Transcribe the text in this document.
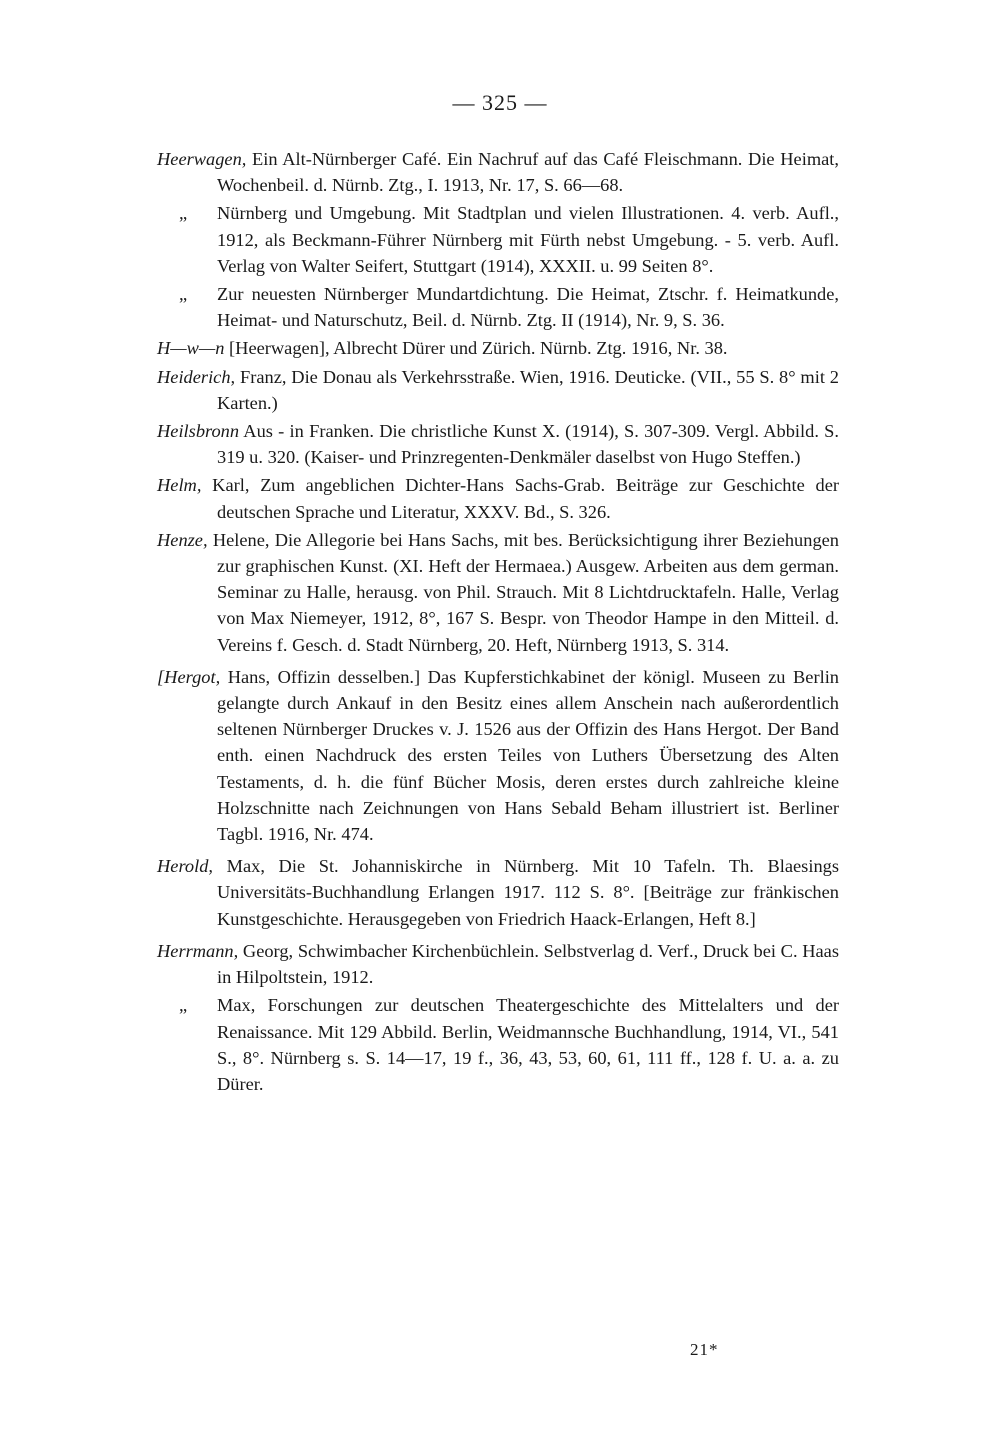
— 325 —

Heerwagen, Ein Alt-Nürnberger Café. Ein Nachruf auf das Café Fleischmann. Die Heimat, Wochenbeil. d. Nürnb. Ztg., I. 1913, Nr. 17, S. 66—68.

„ Nürnberg und Umgebung. Mit Stadtplan und vielen Illustrationen. 4. verb. Aufl., 1912, als Beckmann-Führer Nürnberg mit Fürth nebst Umgebung. - 5. verb. Aufl. Verlag von Walter Seifert, Stuttgart (1914), XXXII. u. 99 Seiten 8°.

„ Zur neuesten Nürnberger Mundartdichtung. Die Heimat, Ztschr. f. Heimatkunde, Heimat- und Naturschutz, Beil. d. Nürnb. Ztg. II (1914), Nr. 9, S. 36.

H—w—n [Heerwagen], Albrecht Dürer und Zürich. Nürnb. Ztg. 1916, Nr. 38.

Heiderich, Franz, Die Donau als Verkehrsstraße. Wien, 1916. Deuticke. (VII., 55 S. 8° mit 2 Karten.)

Heilsbronn Aus - in Franken. Die christliche Kunst X. (1914), S. 307-309. Vergl. Abbild. S. 319 u. 320. (Kaiser- und Prinzregenten-Denkmäler daselbst von Hugo Steffen.)

Helm, Karl, Zum angeblichen Dichter-Hans Sachs-Grab. Beiträge zur Geschichte der deutschen Sprache und Literatur, XXXV. Bd., S. 326.

Henze, Helene, Die Allegorie bei Hans Sachs, mit bes. Berücksichtigung ihrer Beziehungen zur graphischen Kunst. (XI. Heft der Hermaea.) Ausgew. Arbeiten aus dem german. Seminar zu Halle, herausg. von Phil. Strauch. Mit 8 Lichtdrucktafeln. Halle, Verlag von Max Niemeyer, 1912, 8°, 167 S. Bespr. von Theodor Hampe in den Mitteil. d. Vereins f. Gesch. d. Stadt Nürnberg, 20. Heft, Nürnberg 1913, S. 314.

[Hergot, Hans, Offizin desselben.] Das Kupferstichkabinet der königl. Museen zu Berlin gelangte durch Ankauf in den Besitz eines allem Anschein nach außerordentlich seltenen Nürnberger Druckes v. J. 1526 aus der Offizin des Hans Hergot. Der Band enth. einen Nachdruck des ersten Teiles von Luthers Übersetzung des Alten Testaments, d. h. die fünf Bücher Mosis, deren erstes durch zahlreiche kleine Holzschnitte nach Zeichnungen von Hans Sebald Beham illustriert ist. Berliner Tagbl. 1916, Nr. 474.

Herold, Max, Die St. Johanniskirche in Nürnberg. Mit 10 Tafeln. Th. Blaesings Universitäts-Buchhandlung Erlangen 1917. 112 S. 8°. [Beiträge zur fränkischen Kunstgeschichte. Herausgegeben von Friedrich Haack-Erlangen, Heft 8.]

Herrmann, Georg, Schwimbacher Kirchenbüchlein. Selbstverlag d. Verf., Druck bei C. Haas in Hilpoltstein, 1912.

„ Max, Forschungen zur deutschen Theatergeschichte des Mittelalters und der Renaissance. Mit 129 Abbild. Berlin, Weidmannsche Buchhandlung, 1914, VI., 541 S., 8°. Nürnberg s. S. 14—17, 19 f., 36, 43, 53, 60, 61, 111 ff., 128 f. U. a. a. zu Dürer.

21*
